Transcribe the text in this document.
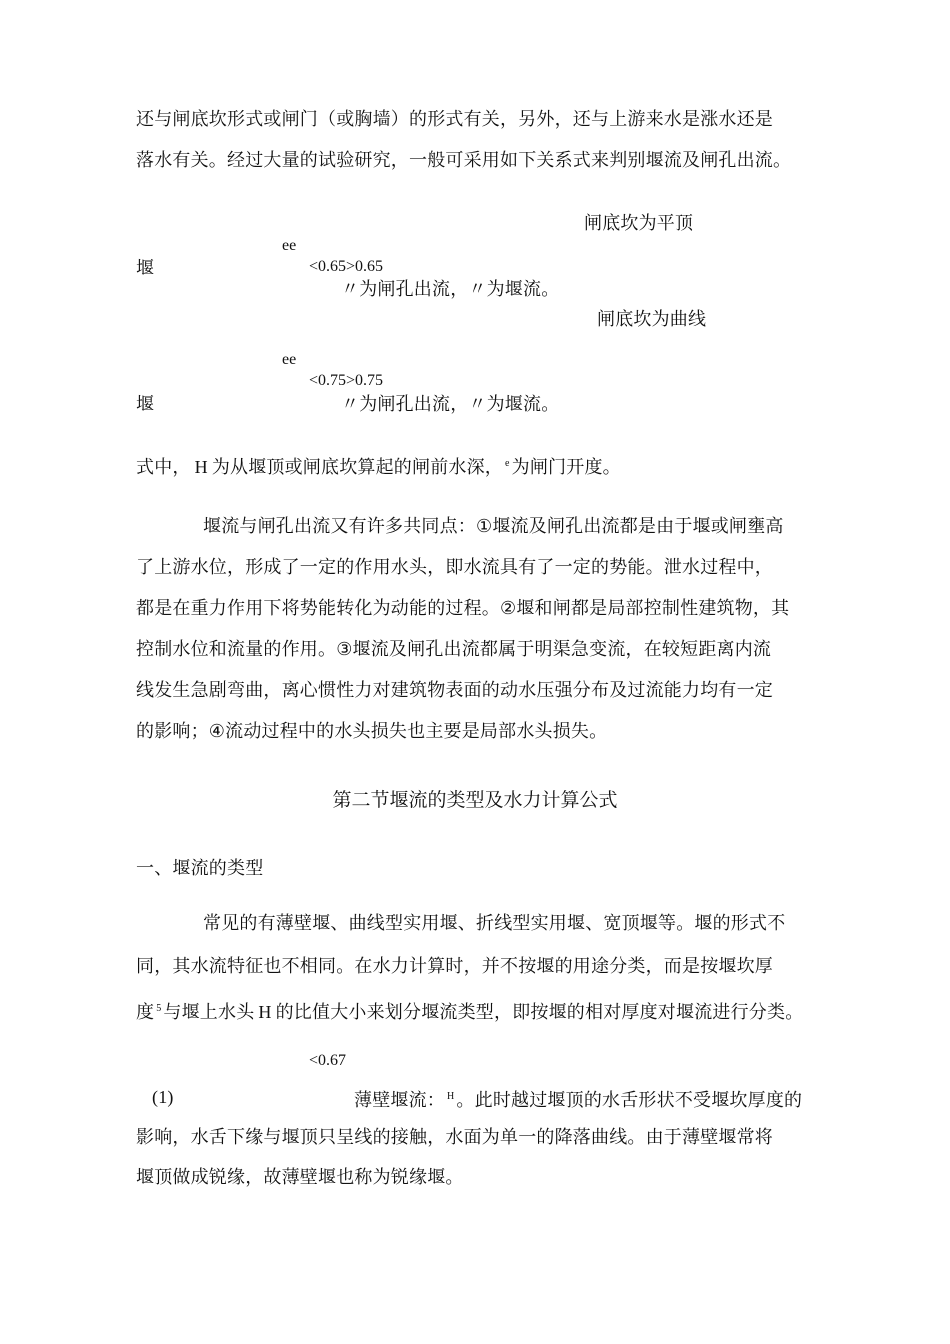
还与闸底坎形式或闸门（或胸墙）的形式有关，另外，还与上游来水是涨水还是
落水有关。经过大量的试验研究，一般可采用如下关系式来判别堰流及闸孔出流。
闸底坎为平顶
ee
堰	<0.65>0.65
〃为闸孔出流，〃为堰流。
闸底坎为曲线
ee
<0.75>0.75
堰	〃为闸孔出流，〃为堰流。
式中， H 为从堰顶或闸底坎算起的闸前水深， $^e$ 为闸门开度。
堰流与闸孔出流又有许多共同点：①堰流及闸孔出流都是由于堰或闸壅高
了上游水位，形成了一定的作用水头，即水流具有了一定的势能。泄水过程中，
都是在重力作用下将势能转化为动能的过程。②堰和闸都是局部控制性建筑物，其
控制水位和流量的作用。③堰流及闸孔出流都属于明渠急变流，在较短距离内流
线发生急剧弯曲，离心惯性力对建筑物表面的动水压强分布及过流能力均有一定
的影响；④流动过程中的水头损失也主要是局部水头损失。
第二节堰流的类型及水力计算公式
一、堰流的类型
常见的有薄壁堰、曲线型实用堰、折线型实用堰、宽顶堰等。堰的形式不
同，其水流特征也不相同。在水力计算时，并不按堰的用途分类，而是按堰坎厚
度 $^5$ 与堰上水头 H 的比值大小来划分堰流类型，即按堰的相对厚度对堰流进行分类。
<0.67
(1)	薄壁堰流： $^H$ 。此时越过堰顶的水舌形状不受堰坎厚度的
影响，水舌下缘与堰顶只呈线的接触，水面为单一的降落曲线。由于薄壁堰常将
堰顶做成锐缘，故薄壁堰也称为锐缘堰。
